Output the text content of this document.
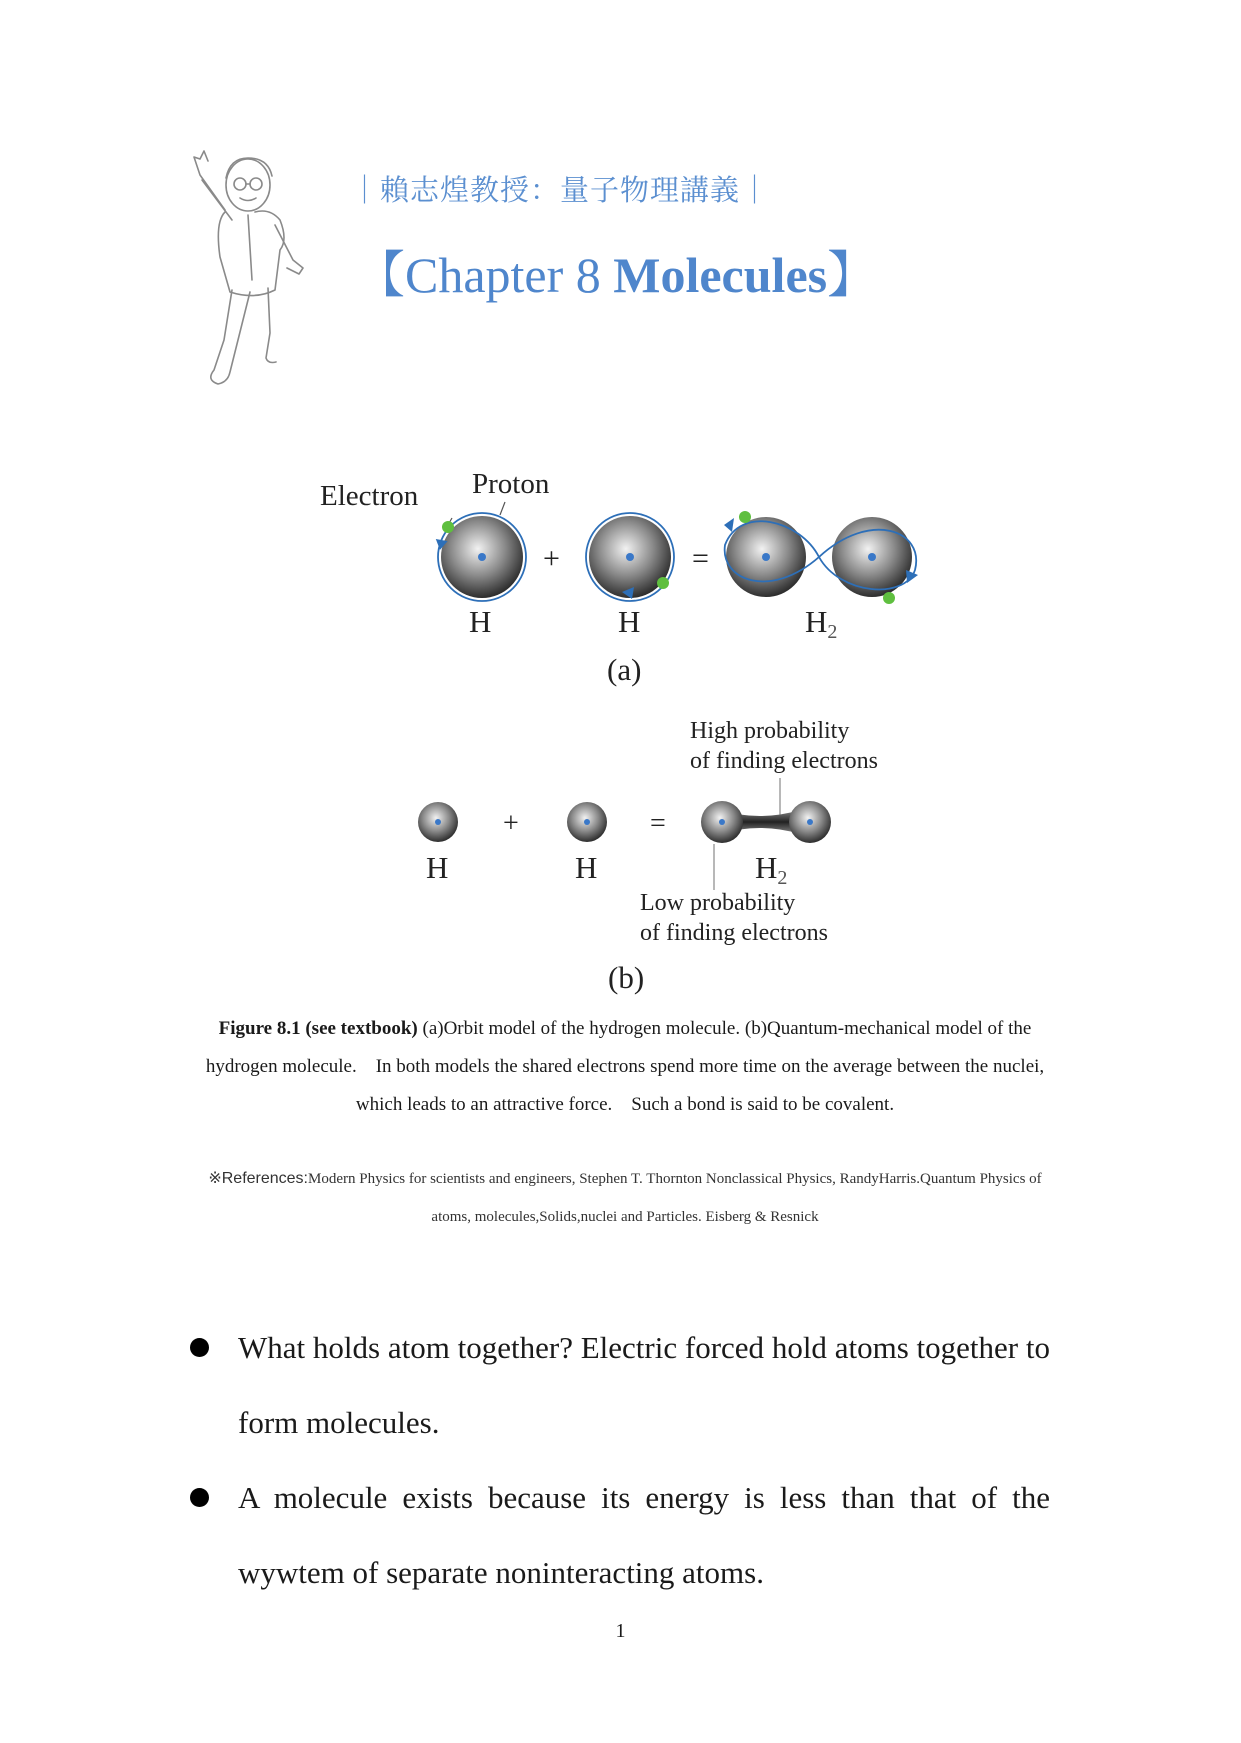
｜賴志煌教授：量子物理講義｜
【Chapter 8 Molecules】
Electron Proton
H
+
H
=
H2
(a)
High probability
of finding electrons
H
+
H
=
H2
Low probability
of finding electrons
(b)
Figure 8.1 (see textbook) (a)Orbit model of the hydrogen molecule. (b)Quantum-mechanical model of the hydrogen molecule.　In both models the shared electrons spend more time on the average between the nuclei, which leads to an attractive force.　Such a bond is said to be covalent.
※References:Modern Physics for scientists and engineers, Stephen T. Thornton Nonclassical Physics, RandyHarris.Quantum Physics of atoms, molecules,Solids,nuclei and Particles. Eisberg & Resnick
What holds atom together? Electric forced hold atoms together to form molecules.
A molecule exists because its energy is less than that of the wywtem of separate noninteracting atoms.
1
